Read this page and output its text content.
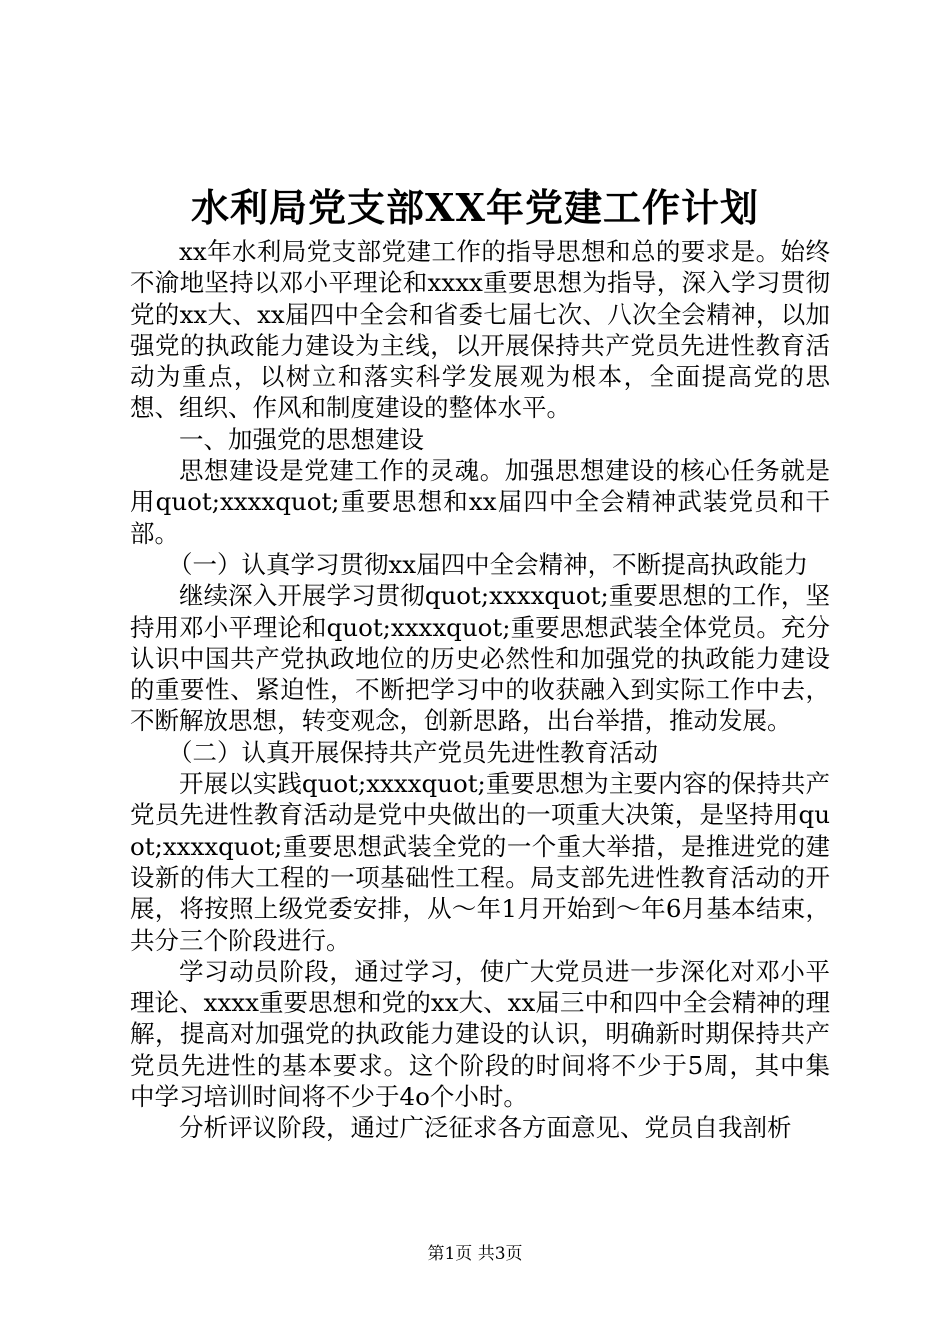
水利局党支部XX年党建工作计划

xx年水利局党支部党建工作的指导思想和总的要求是。始终不渝地坚持以邓小平理论和xxxx重要思想为指导，深入学习贯彻党的xx大、xx届四中全会和省委七届七次、八次全会精神，以加强党的执政能力建设为主线，以开展保持共产党员先进性教育活动为重点，以树立和落实科学发展观为根本，全面提高党的思想、组织、作风和制度建设的整体水平。

一、加强党的思想建设

思想建设是党建工作的灵魂。加强思想建设的核心任务就是用quot;xxxxquot;重要思想和xx届四中全会精神武装党员和干部。

（一）认真学习贯彻xx届四中全会精神，不断提高执政能力

继续深入开展学习贯彻quot;xxxxquot;重要思想的工作，坚持用邓小平理论和quot;xxxxquot;重要思想武装全体党员。充分认识中国共产党执政地位的历史必然性和加强党的执政能力建设的重要性、紧迫性，不断把学习中的收获融入到实际工作中去，不断解放思想，转变观念，创新思路，出台举措，推动发展。

（二）认真开展保持共产党员先进性教育活动

开展以实践quot;xxxxquot;重要思想为主要内容的保持共产党员先进性教育活动是党中央做出的一项重大决策，是坚持用quot;xxxxquot;重要思想武装全党的一个重大举措，是推进党的建设新的伟大工程的一项基础性工程。局支部先进性教育活动的开展，将按照上级党委安排，从～年1月开始到～年6月基本结束，共分三个阶段进行。

学习动员阶段，通过学习，使广大党员进一步深化对邓小平理论、xxxx重要思想和党的xx大、xx届三中和四中全会精神的理解，提高对加强党的执政能力建设的认识，明确新时期保持共产党员先进性的基本要求。这个阶段的时间将不少于5周，其中集中学习培训时间将不少于4o个小时。

分析评议阶段，通过广泛征求各方面意见、党员自我剖析

第1页 共3页
